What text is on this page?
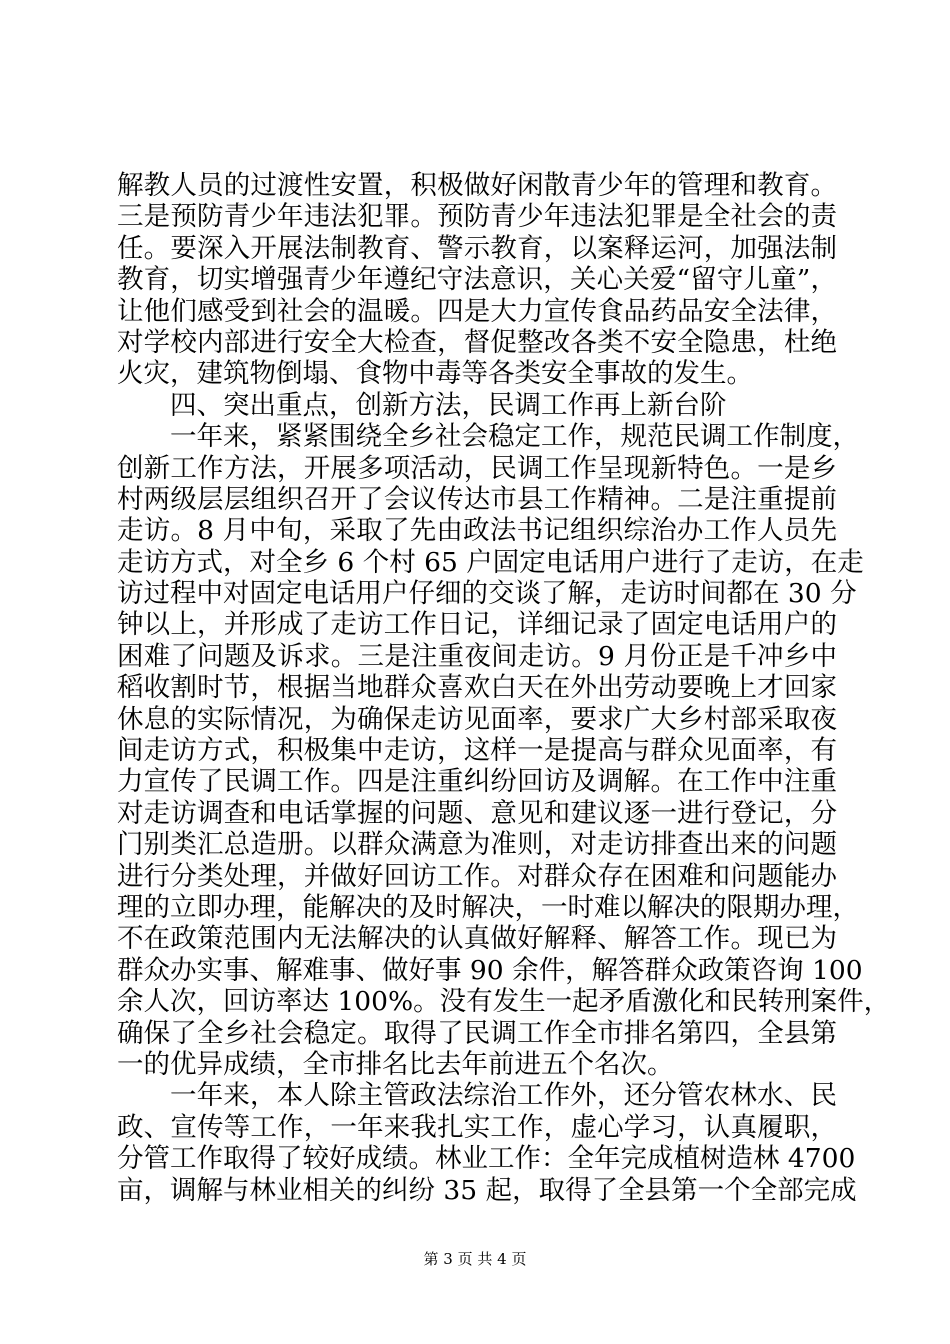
解教人员的过渡性安置，积极做好闲散青少年的管理和教育。
三是预防青少年违法犯罪。预防青少年违法犯罪是全社会的责
任。要深入开展法制教育、警示教育，以案释运河，加强法制
教育，切实增强青少年遵纪守法意识，关心关爱“留守儿童”，
让他们感受到社会的温暖。四是大力宣传食品药品安全法律，
对学校内部进行安全大检查，督促整改各类不安全隐患，杜绝
火灾，建筑物倒塌、食物中毒等各类安全事故的发生。
四、突出重点，创新方法，民调工作再上新台阶
一年来，紧紧围绕全乡社会稳定工作，规范民调工作制度，
创新工作方法，开展多项活动，民调工作呈现新特色。一是乡
村两级层层组织召开了会议传达市县工作精神。二是注重提前
走访。8 月中旬，采取了先由政法书记组织综治办工作人员先
走访方式，对全乡 6 个村 65 户固定电话用户进行了走访，在走
访过程中对固定电话用户仔细的交谈了解，走访时间都在 30 分
钟以上，并形成了走访工作日记，详细记录了固定电话用户的
困难了问题及诉求。三是注重夜间走访。9 月份正是千冲乡中
稻收割时节，根据当地群众喜欢白天在外出劳动要晚上才回家
休息的实际情况，为确保走访见面率，要求广大乡村部采取夜
间走访方式，积极集中走访，这样一是提高与群众见面率，有
力宣传了民调工作。四是注重纠纷回访及调解。在工作中注重
对走访调查和电话掌握的问题、意见和建议逐一进行登记，分
门别类汇总造册。以群众满意为准则，对走访排查出来的问题
进行分类处理，并做好回访工作。对群众存在困难和问题能办
理的立即办理，能解决的及时解决，一时难以解决的限期办理，
不在政策范围内无法解决的认真做好解释、解答工作。现已为
群众办实事、解难事、做好事 90 余件，解答群众政策咨询 100
余人次，回访率达 100%。没有发生一起矛盾激化和民转刑案件，
确保了全乡社会稳定。取得了民调工作全市排名第四，全县第
一的优异成绩，全市排名比去年前进五个名次。
一年来，本人除主管政法综治工作外，还分管农林水、民
政、宣传等工作，一年来我扎实工作，虚心学习，认真履职，
分管工作取得了较好成绩。林业工作：全年完成植树造林 4700
亩，调解与林业相关的纠纷 35 起，取得了全县第一个全部完成
第 3 页 共 4 页
